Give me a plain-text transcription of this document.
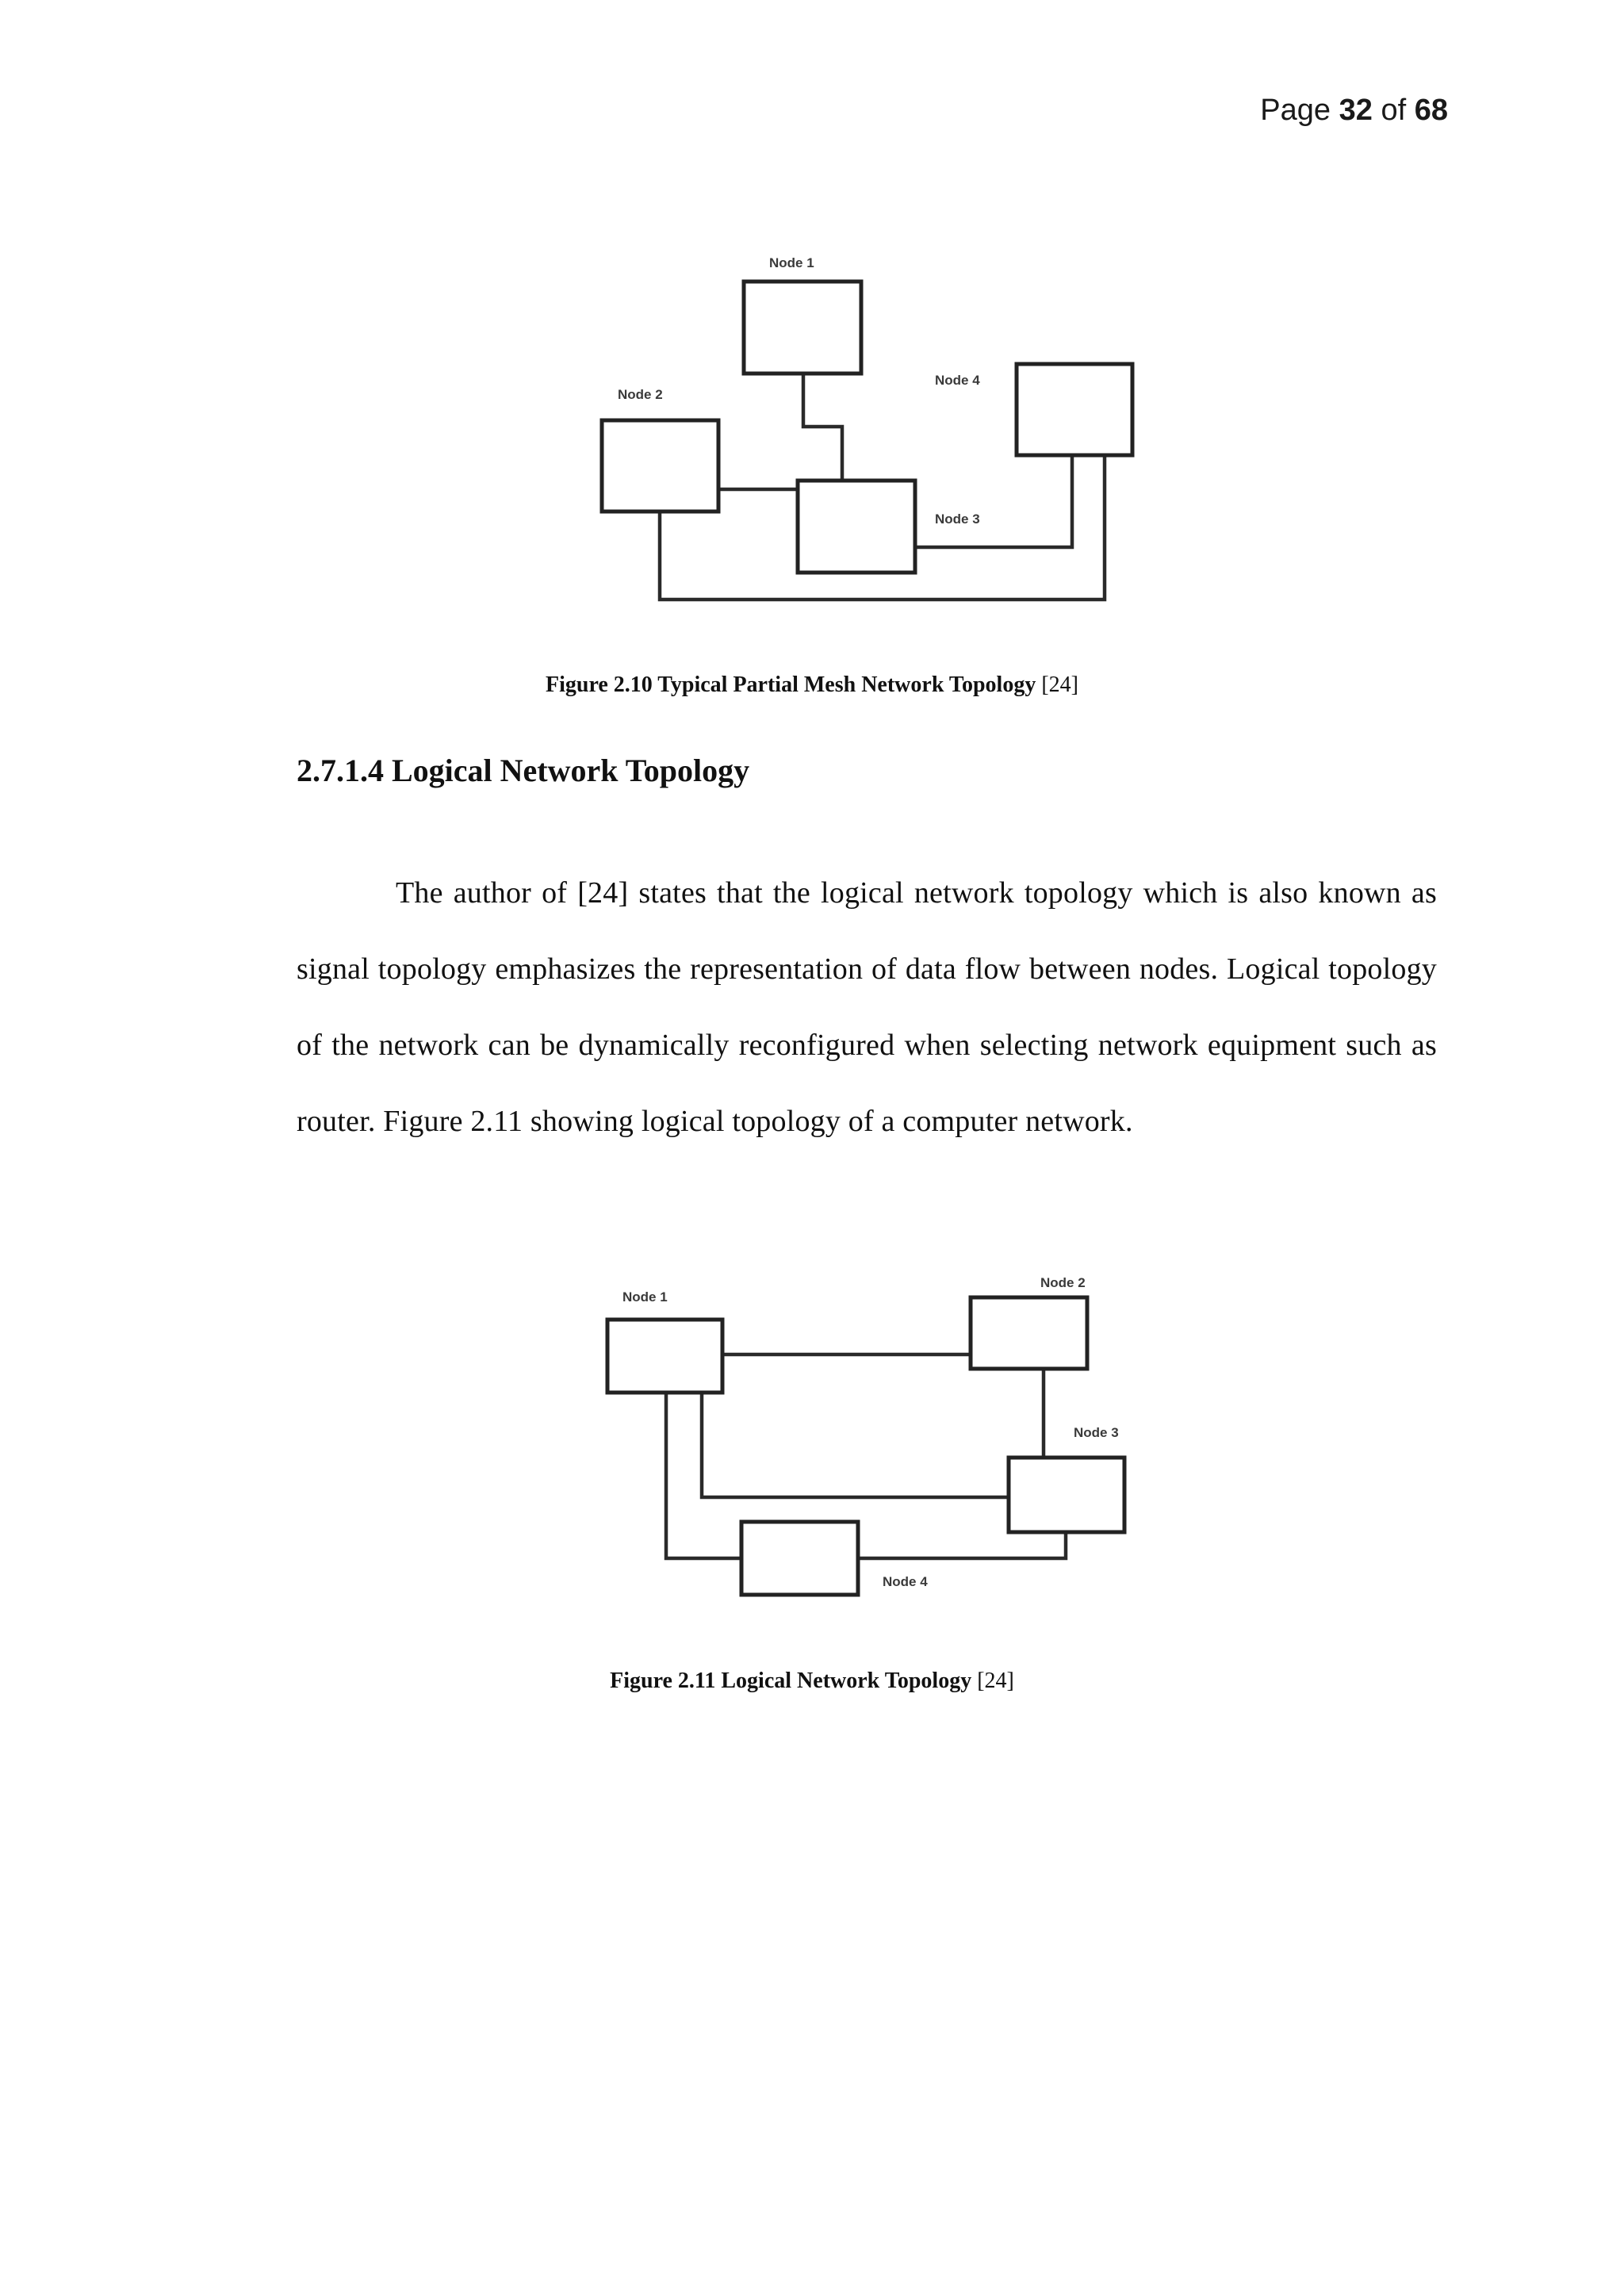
Page 32 of 68
Node 1
Node 2
Node 3
Node 4
Figure 2.10 Typical Partial Mesh Network Topology [24]
2.7.1.4 Logical Network Topology

The author of [24] states that the logical network topology which is also known as signal topology emphasizes the representation of data flow between nodes. Logical topology of the network can be dynamically reconfigured when selecting network equipment such as router. Figure 2.11 showing logical topology of a computer network.

Node 1
Node 2
Node 3
Node 4
Figure 2.11 Logical Network Topology [24]
